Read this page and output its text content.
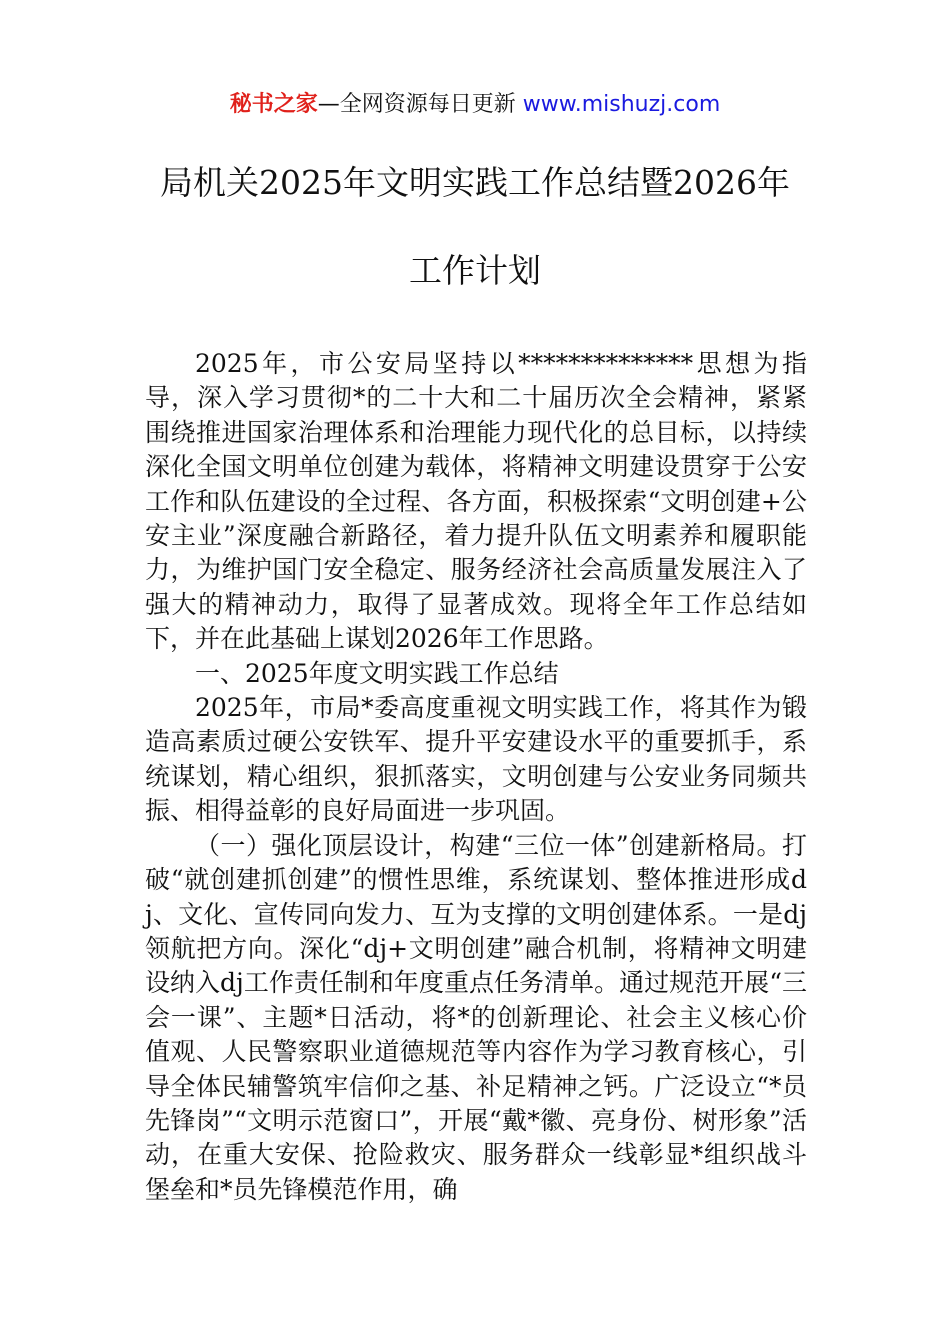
秘书之家—全网资源每日更新 www.mishuzj.com
局机关2025年文明实践工作总结暨2026年
工作计划

2025年，市公安局坚持以**************思想为指导，深入学习贯彻*的二十大和二十届历次全会精神，紧紧围绕推进国家治理体系和治理能力现代化的总目标，以持续深化全国文明单位创建为载体，将精神文明建设贯穿于公安工作和队伍建设的全过程、各方面，积极探索“文明创建+公安主业”深度融合新路径，着力提升队伍文明素养和履职能力，为维护国门安全稳定、服务经济社会高质量发展注入了强大的精神动力，取得了显著成效。现将全年工作总结如下，并在此基础上谋划2026年工作思路。

一、2025年度文明实践工作总结

2025年，市局*委高度重视文明实践工作，将其作为锻造高素质过硬公安铁军、提升平安建设水平的重要抓手，系统谋划，精心组织，狠抓落实，文明创建与公安业务同频共振、相得益彰的良好局面进一步巩固。

（一）强化顶层设计，构建“三位一体”创建新格局。打破“就创建抓创建”的惯性思维，系统谋划、整体推进形成dj、文化、宣传同向发力、互为支撑的文明创建体系。一是dj领航把方向。深化“dj+文明创建”融合机制，将精神文明建设纳入dj工作责任制和年度重点任务清单。通过规范开展“三会一课”、主题*日活动，将*的创新理论、社会主义核心价值观、人民警察职业道德规范等内容作为学习教育核心，引导全体民辅警筑牢信仰之基、补足精神之钙。广泛设立“*员先锋岗”“文明示范窗口”，开展“戴*徽、亮身份、树形象”活动，在重大安保、抢险救灾、服务群众一线彰显*组织战斗堡垒和*员先锋模范作用，确
